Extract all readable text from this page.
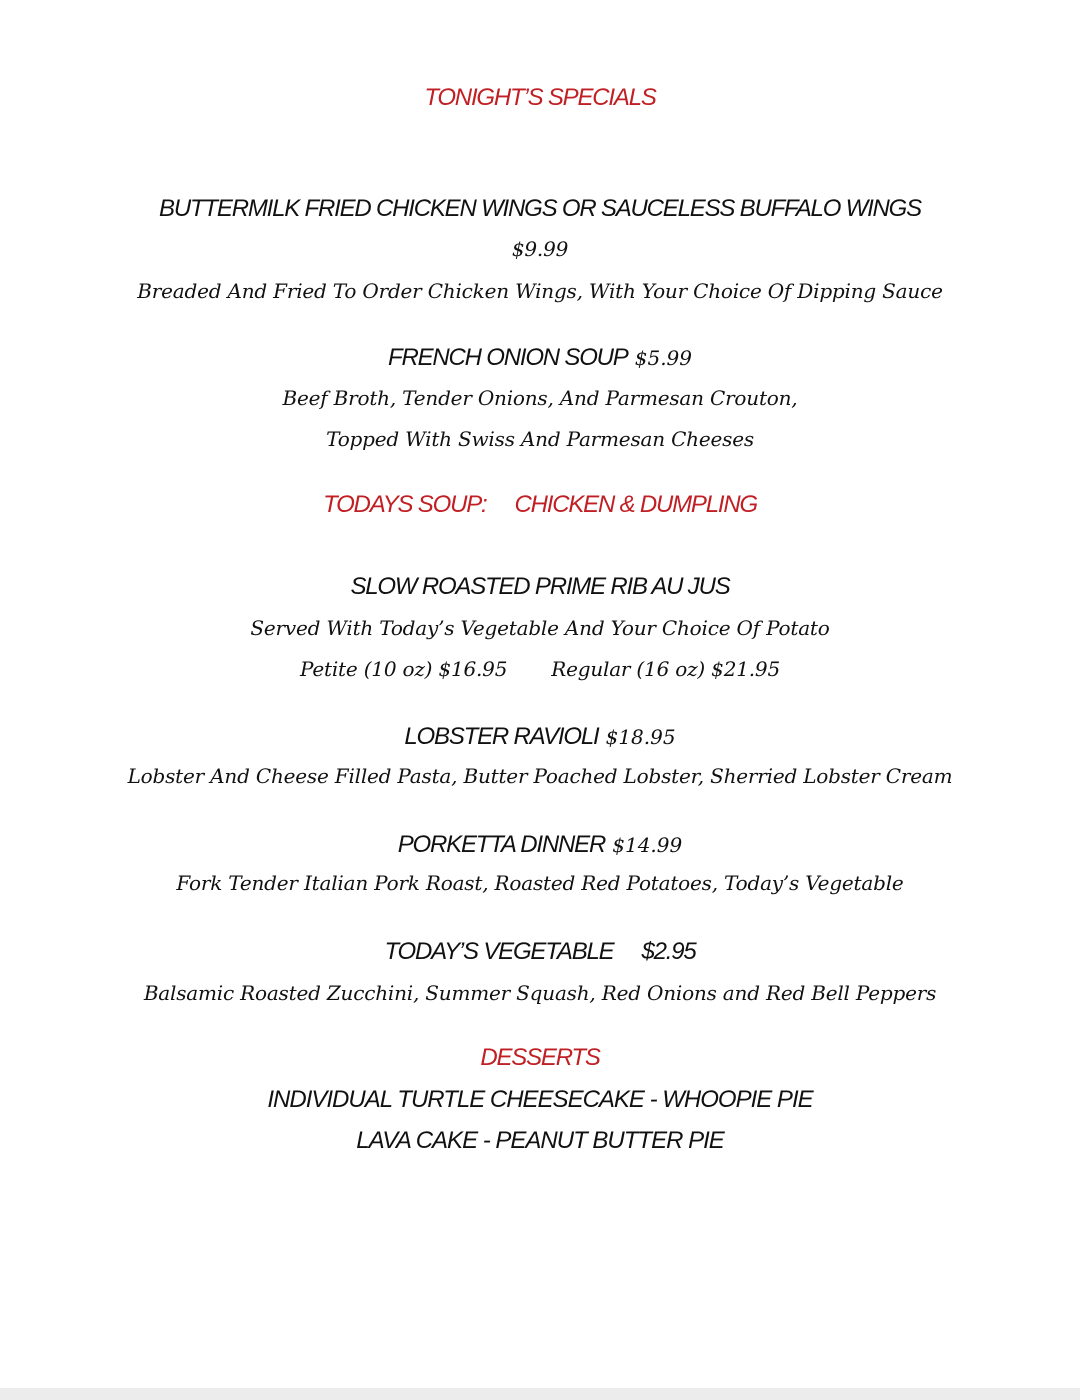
TONIGHT’S SPECIALS
BUTTERMILK FRIED CHICKEN WINGS OR SAUCELESS BUFFALO WINGS
$9.99
Breaded And Fried To Order Chicken Wings, With Your Choice Of Dipping Sauce
FRENCH ONION SOUP $5.99
Beef Broth, Tender Onions, And Parmesan Crouton,
Topped With Swiss And Parmesan Cheeses
TODAYS SOUP: CHICKEN & DUMPLING
SLOW ROASTED PRIME RIB AU JUS
Served With Today’s Vegetable And Your Choice Of Potato
Petite (10 oz) $16.95 Regular (16 oz) $21.95
LOBSTER RAVIOLI $18.95
Lobster And Cheese Filled Pasta, Butter Poached Lobster, Sherried Lobster Cream
PORKETTA DINNER $14.99
Fork Tender Italian Pork Roast, Roasted Red Potatoes, Today’s Vegetable
TODAY’S VEGETABLE $2.95
Balsamic Roasted Zucchini, Summer Squash, Red Onions and Red Bell Peppers
DESSERTS
INDIVIDUAL TURTLE CHEESECAKE - WHOOPIE PIE
LAVA CAKE - PEANUT BUTTER PIE
